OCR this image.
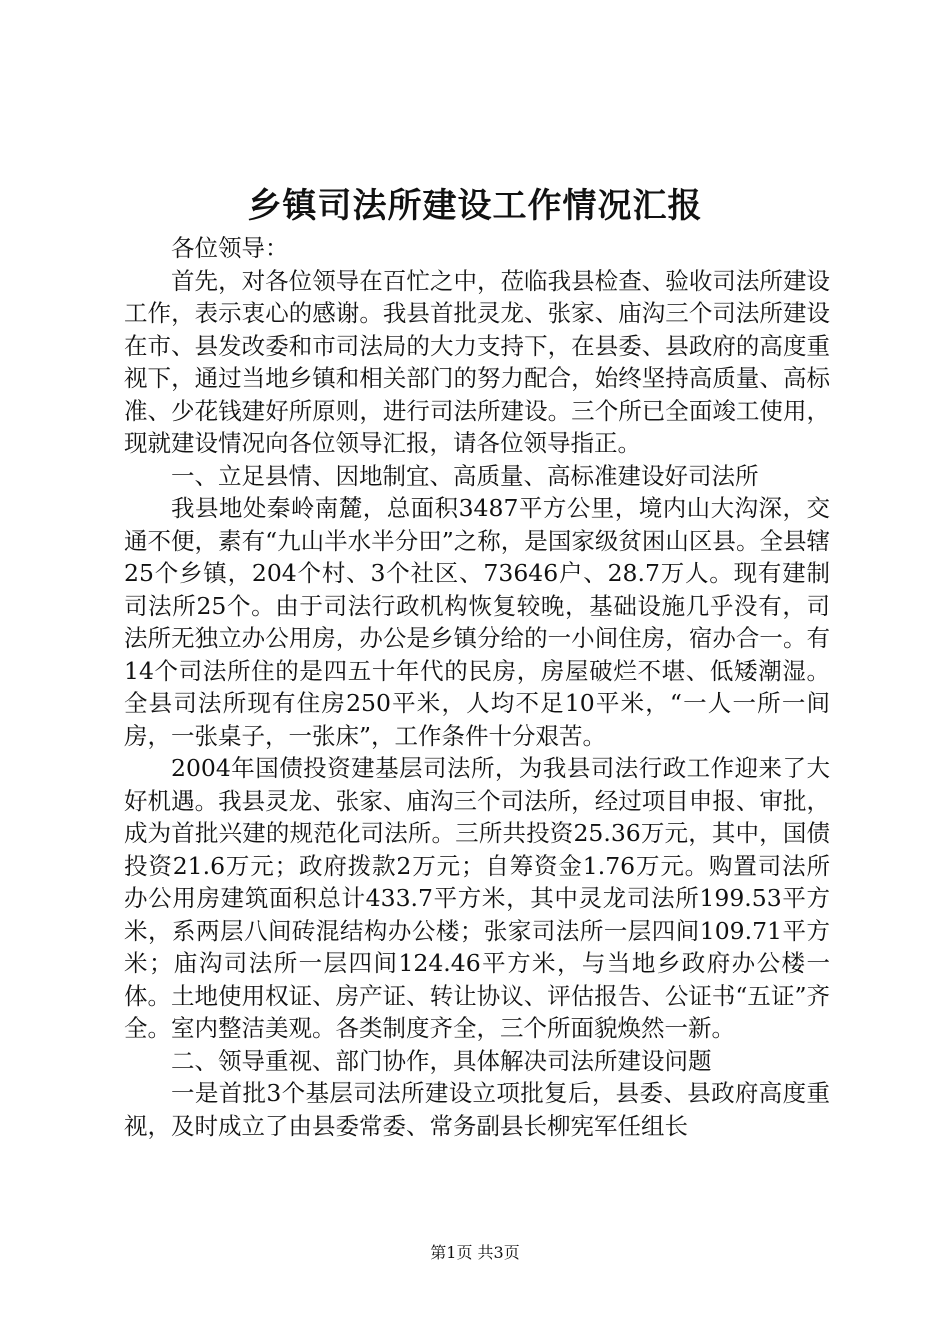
乡镇司法所建设工作情况汇报

各位领导：

首先，对各位领导在百忙之中，莅临我县检查、验收司法所建设工作，表示衷心的感谢。我县首批灵龙、张家、庙沟三个司法所建设在市、县发改委和市司法局的大力支持下，在县委、县政府的高度重视下，通过当地乡镇和相关部门的努力配合，始终坚持高质量、高标准、少花钱建好所原则，进行司法所建设。三个所已全面竣工使用，现就建设情况向各位领导汇报，请各位领导指正。

一、立足县情、因地制宜、高质量、高标准建设好司法所

我县地处秦岭南麓，总面积3487平方公里，境内山大沟深，交通不便，素有“九山半水半分田”之称，是国家级贫困山区县。全县辖25个乡镇，204个村、3个社区、73646户、28.7万人。现有建制司法所25个。由于司法行政机构恢复较晚，基础设施几乎没有，司法所无独立办公用房，办公是乡镇分给的一小间住房，宿办合一。有14个司法所住的是四五十年代的民房，房屋破烂不堪、低矮潮湿。全县司法所现有住房250平米，人均不足10平米，“一人一所一间房，一张桌子，一张床”，工作条件十分艰苦。

2004年国债投资建基层司法所，为我县司法行政工作迎来了大好机遇。我县灵龙、张家、庙沟三个司法所，经过项目申报、审批，成为首批兴建的规范化司法所。三所共投资25.36万元，其中，国债投资21.6万元；政府拨款2万元；自筹资金1.76万元。购置司法所办公用房建筑面积总计433.7平方米，其中灵龙司法所199.53平方米，系两层八间砖混结构办公楼；张家司法所一层四间109.71平方米；庙沟司法所一层四间124.46平方米，与当地乡政府办公楼一体。土地使用权证、房产证、转让协议、评估报告、公证书“五证”齐全。室内整洁美观。各类制度齐全，三个所面貌焕然一新。

二、领导重视、部门协作，具体解决司法所建设问题

一是首批3个基层司法所建设立项批复后，县委、县政府高度重视，及时成立了由县委常委、常务副县长柳宪军任组长

第1页 共3页
